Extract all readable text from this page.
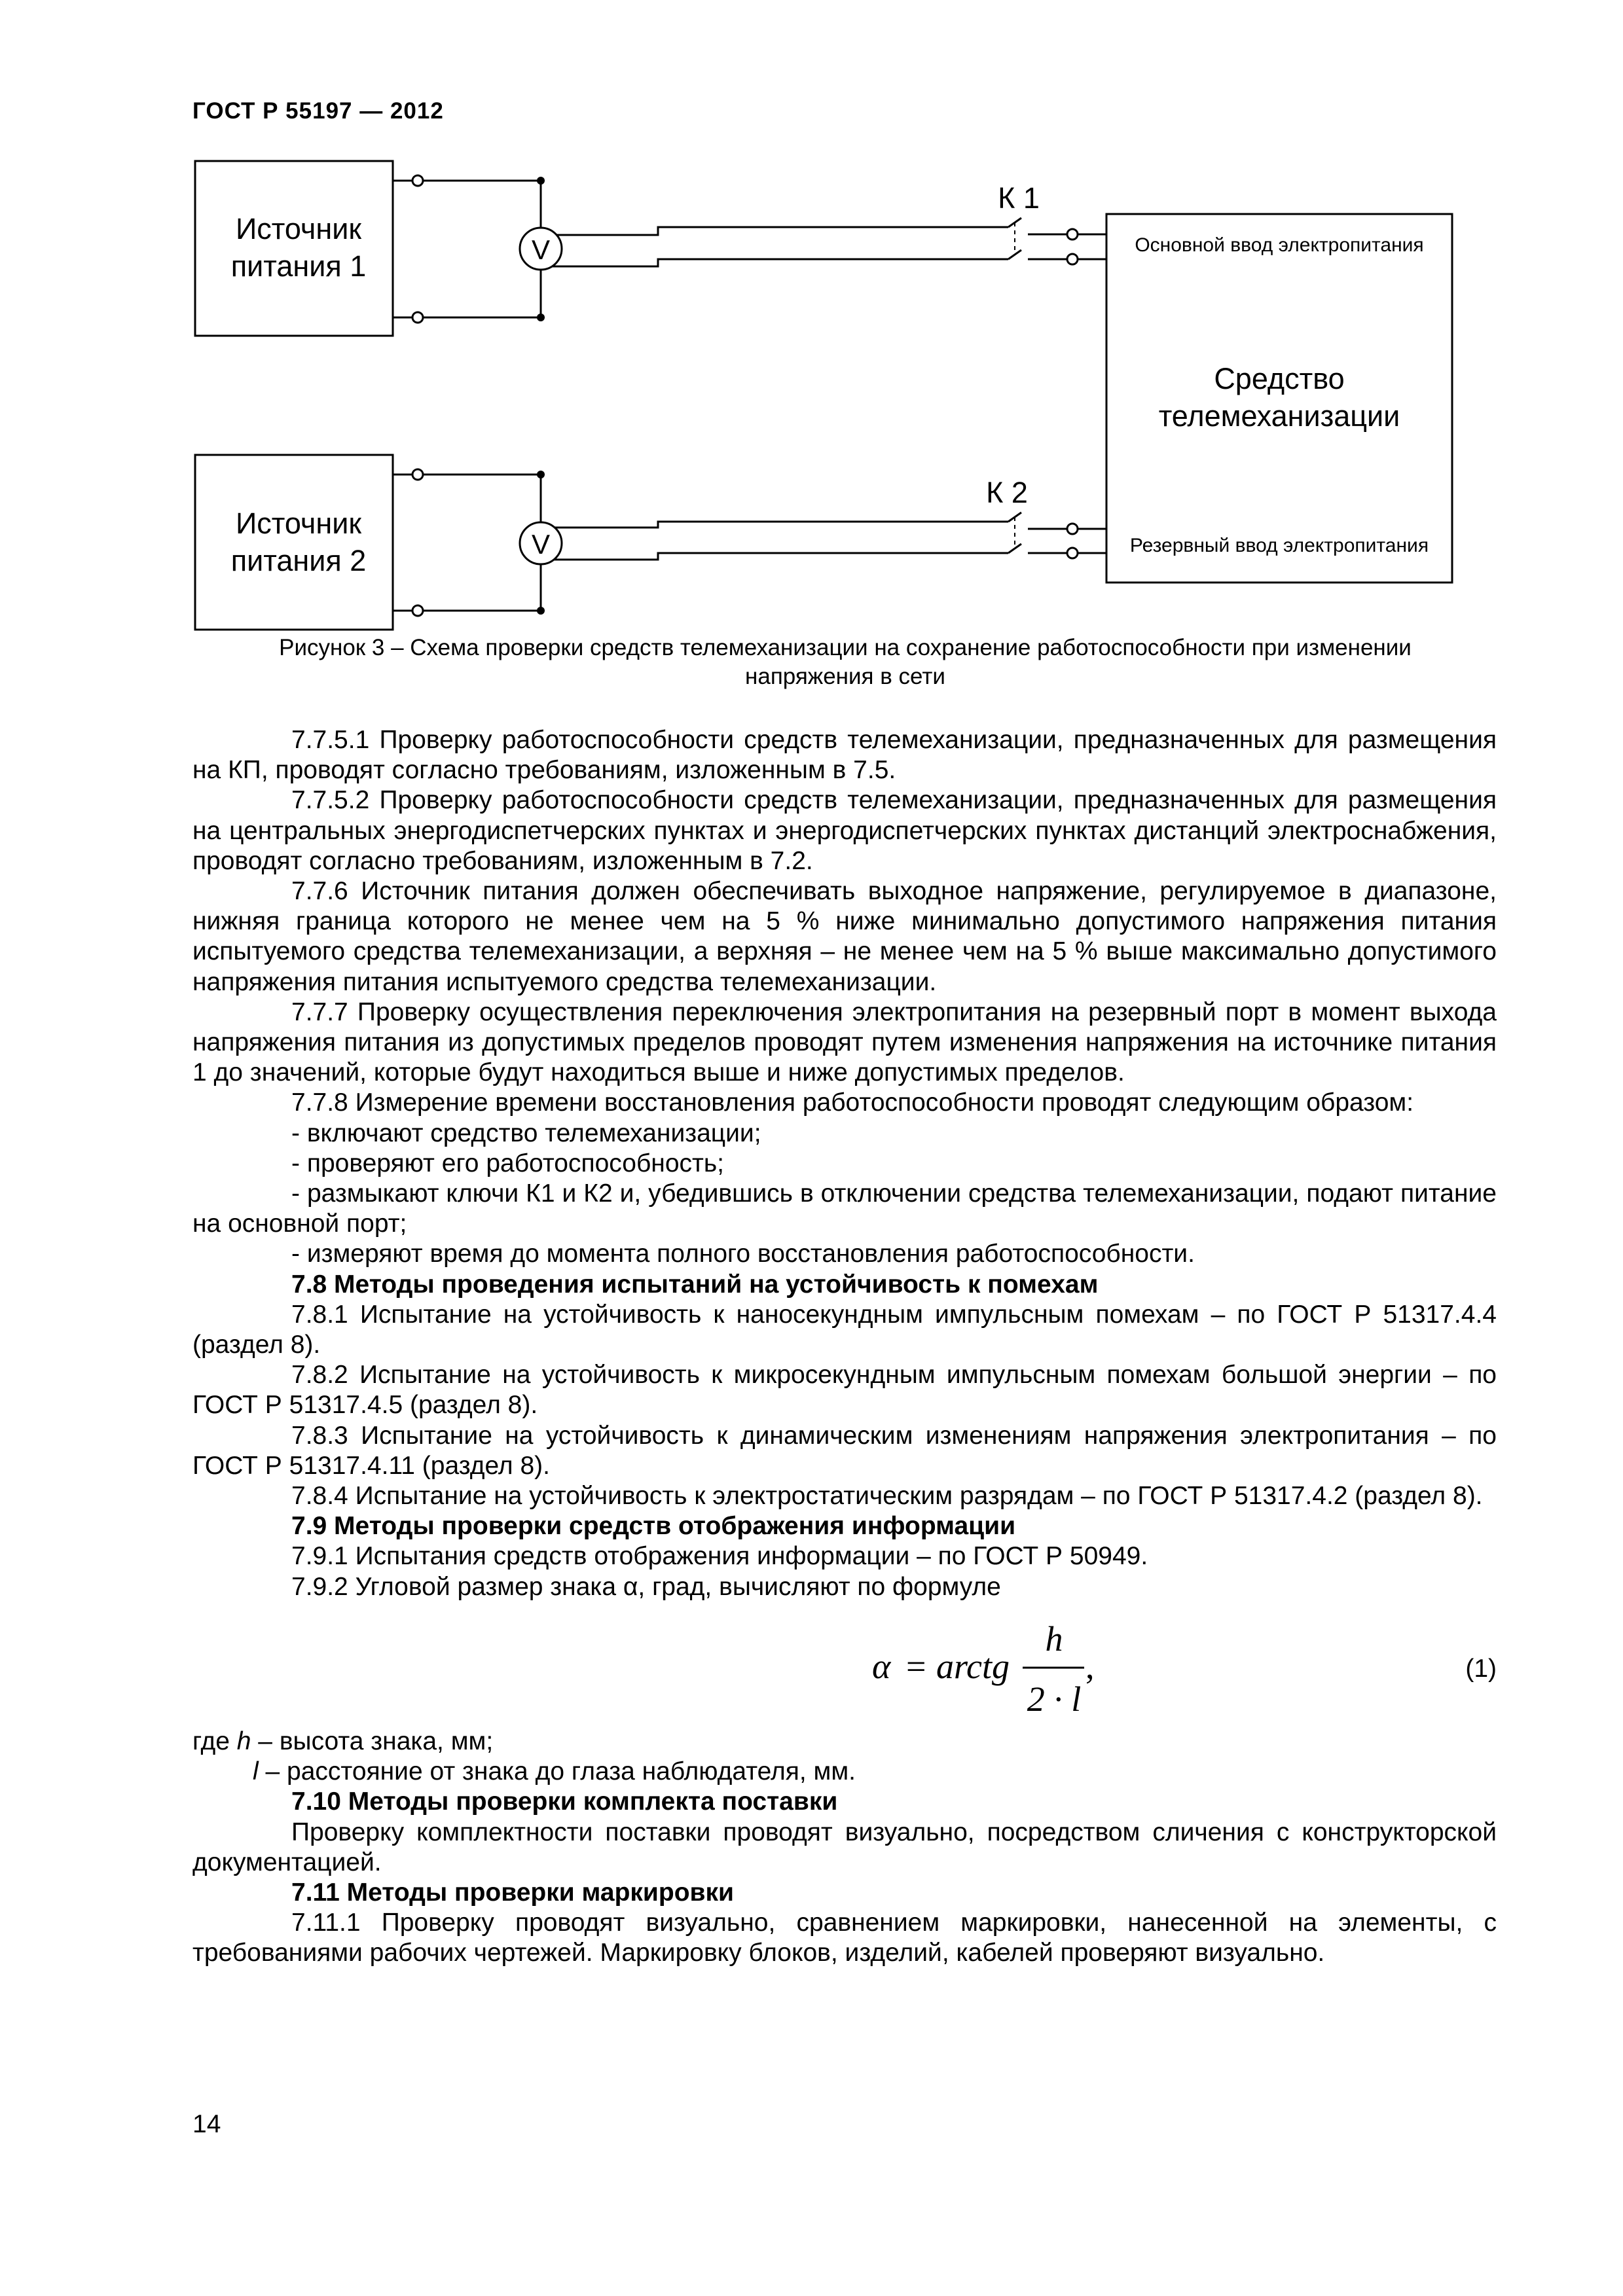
ГОСТ Р 55197 — 2012
Источник
питания 1
Источник
питания 2
V
V
К 1
К 2
Основной ввод электропитания
Средство
телемеханизации
Резервный ввод электропитания
Рисунок 3 – Схема проверки средств телемеханизации на сохранение работоспособности при изменении
напряжения в сети

7.7.5.1 Проверку работоспособности средств телемеханизации, предназначенных для размещения на КП, проводят согласно требованиям, изложенным в 7.5.

7.7.5.2 Проверку работоспособности средств телемеханизации, предназначенных для размещения на центральных энергодиспетчерских пунктах и энергодиспетчерских пунктах дистанций электроснабжения, проводят согласно требованиям, изложенным в 7.2.

7.7.6 Источник питания должен обеспечивать выходное напряжение, регулируемое в диапазоне, нижняя граница которого не менее чем на 5 % ниже минимально допустимого напряжения питания испытуемого средства телемеханизации, а верхняя – не менее чем на 5 % выше максимально допустимого напряжения питания испытуемого средства телемеханизации.

7.7.7 Проверку осуществления переключения электропитания на резервный порт в момент выхода напряжения питания из допустимых пределов проводят путем изменения напряжения на источнике питания 1 до значений, которые будут находиться выше и ниже допустимых пределов.

7.7.8 Измерение времени восстановления работоспособности проводят следующим образом:

- включают средство телемеханизации;

- проверяют его работоспособность;

- размыкают ключи К1 и К2 и, убедившись в отключении средства телемеханизации, подают питание на основной порт;

- измеряют время до момента полного восстановления работоспособности.

7.8 Методы проведения испытаний на устойчивость к помехам

7.8.1 Испытание на устойчивость к наносекундным импульсным помехам – по ГОСТ Р 51317.4.4 (раздел 8).

7.8.2 Испытание на устойчивость к микросекундным импульсным помехам большой энергии – по ГОСТ Р 51317.4.5 (раздел 8).

7.8.3 Испытание на устойчивость к динамическим изменениям напряжения электропитания – по ГОСТ Р 51317.4.11 (раздел 8).

7.8.4 Испытание на устойчивость к электростатическим разрядам – по ГОСТ Р 51317.4.2 (раздел 8).

7.9 Методы проверки средств отображения информации

7.9.1 Испытания средств отображения информации – по ГОСТ Р 50949.

7.9.2 Угловой размер знака α, град, вычисляют по формуле

α = arctg
h
2 · l
,	(1)

где h – высота знака, мм;

l – расстояние от знака до глаза наблюдателя, мм.

7.10 Методы проверки комплекта поставки

Проверку комплектности поставки проводят визуально, посредством сличения с конструкторской документацией.

7.11 Методы проверки маркировки

7.11.1 Проверку проводят визуально, сравнением маркировки, нанесенной на элементы, с требованиями рабочих чертежей. Маркировку блоков, изделий, кабелей проверяют визуально.

14
